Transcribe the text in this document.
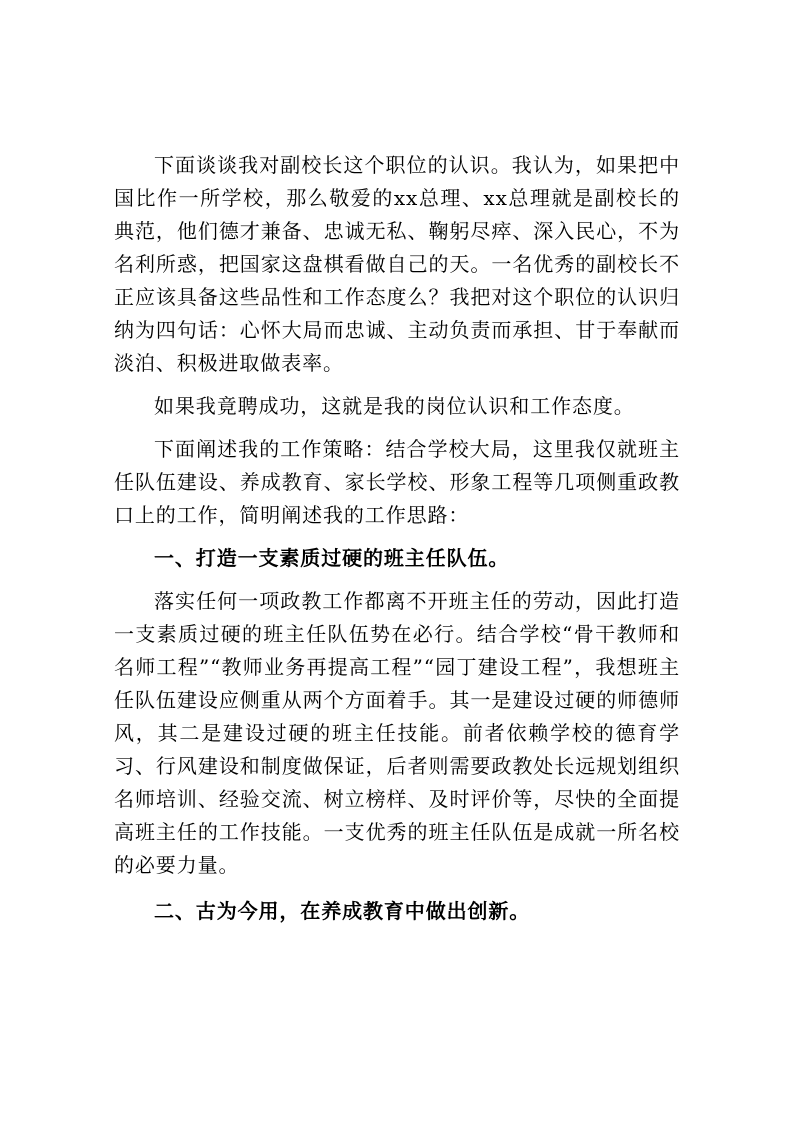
下面谈谈我对副校长这个职位的认识。我认为，如果把中国比作一所学校，那么敬爱的xx总理、xx总理就是副校长的典范，他们德才兼备、忠诚无私、鞠躬尽瘁、深入民心，不为名利所惑，把国家这盘棋看做自己的天。一名优秀的副校长不正应该具备这些品性和工作态度么？我把对这个职位的认识归纳为四句话：心怀大局而忠诚、主动负责而承担、甘于奉献而淡泊、积极进取做表率。

如果我竟聘成功，这就是我的岗位认识和工作态度。

下面阐述我的工作策略：结合学校大局，这里我仅就班主任队伍建设、养成教育、家长学校、形象工程等几项侧重政教口上的工作，简明阐述我的工作思路：

一、打造一支素质过硬的班主任队伍。

落实任何一项政教工作都离不开班主任的劳动，因此打造一支素质过硬的班主任队伍势在必行。结合学校“骨干教师和名师工程”“教师业务再提高工程”“园丁建设工程”，我想班主任队伍建设应侧重从两个方面着手。其一是建设过硬的师德师风，其二是建设过硬的班主任技能。前者依赖学校的德育学习、行风建设和制度做保证，后者则需要政教处长远规划组织名师培训、经验交流、树立榜样、及时评价等，尽快的全面提高班主任的工作技能。一支优秀的班主任队伍是成就一所名校的必要力量。

二、古为今用，在养成教育中做出创新。
